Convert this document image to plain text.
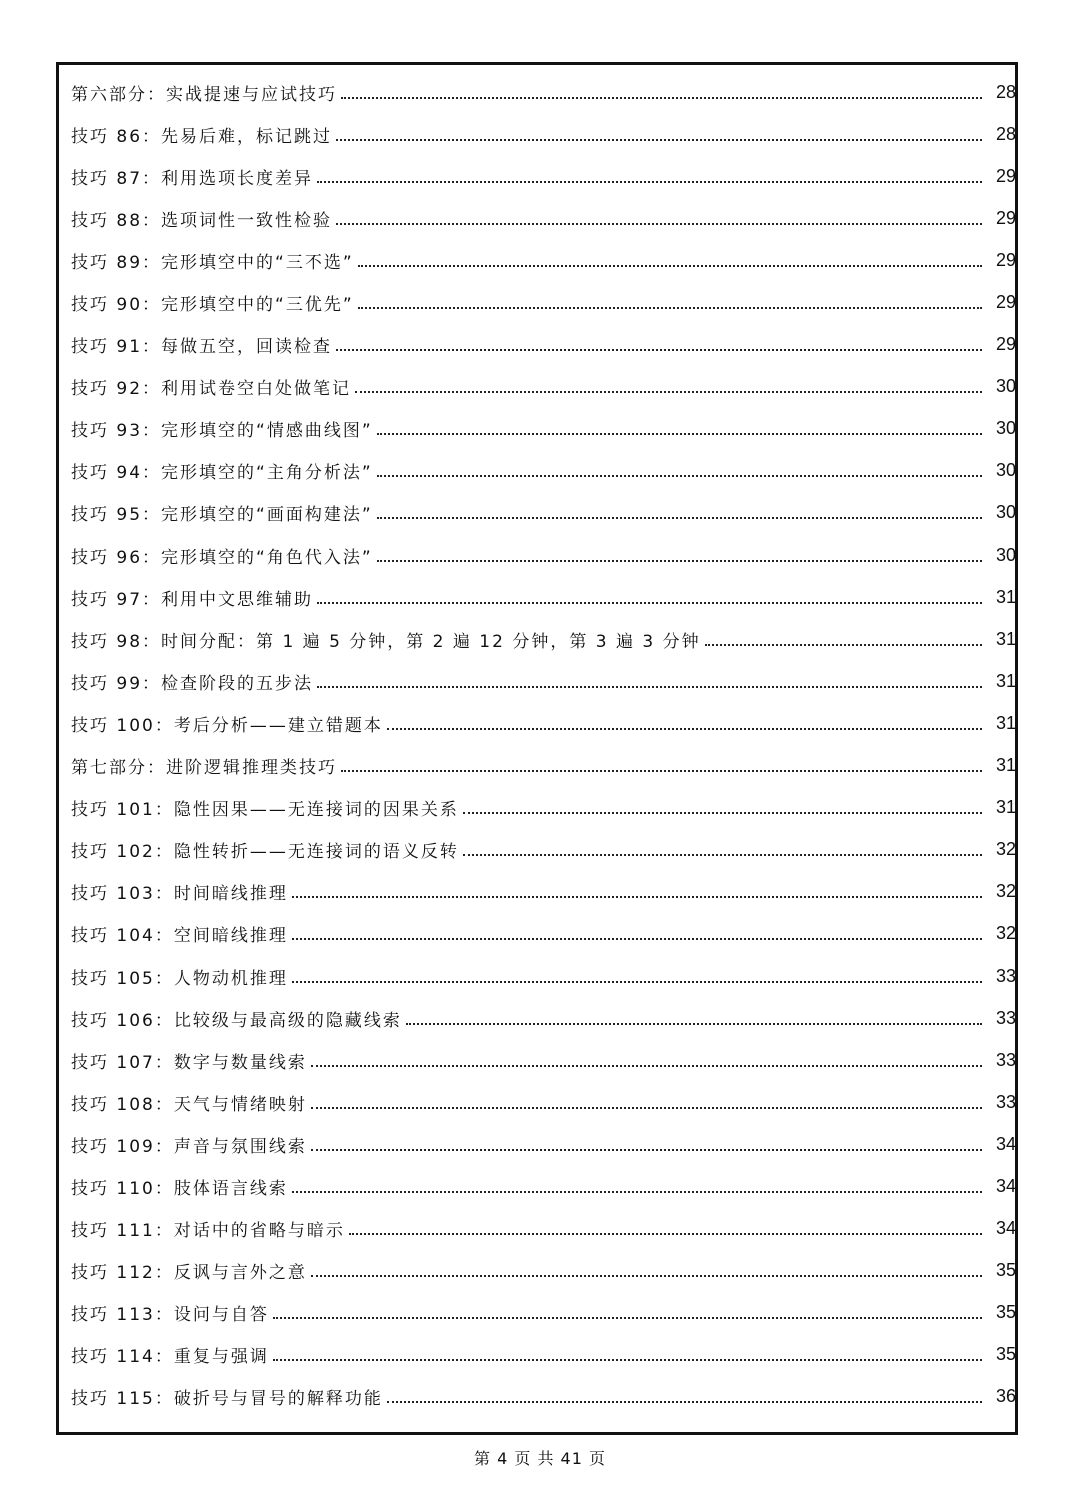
第六部分：实战提速与应试技巧	28
技巧 86：先易后难，标记跳过	28
技巧 87：利用选项长度差异	29
技巧 88：选项词性一致性检验	29
技巧 89：完形填空中的“三不选”	29
技巧 90：完形填空中的“三优先”	29
技巧 91：每做五空，回读检查	29
技巧 92：利用试卷空白处做笔记	30
技巧 93：完形填空的“情感曲线图”	30
技巧 94：完形填空的“主角分析法”	30
技巧 95：完形填空的“画面构建法”	30
技巧 96：完形填空的“角色代入法”	30
技巧 97：利用中文思维辅助	31
技巧 98：时间分配：第 1 遍 5 分钟，第 2 遍 12 分钟，第 3 遍 3 分钟	31
技巧 99：检查阶段的五步法	31
技巧 100：考后分析——建立错题本	31
第七部分：进阶逻辑推理类技巧	31
技巧 101：隐性因果——无连接词的因果关系	31
技巧 102：隐性转折——无连接词的语义反转	32
技巧 103：时间暗线推理	32
技巧 104：空间暗线推理	32
技巧 105：人物动机推理	33
技巧 106：比较级与最高级的隐藏线索	33
技巧 107：数字与数量线索	33
技巧 108：天气与情绪映射	33
技巧 109：声音与氛围线索	34
技巧 110：肢体语言线索	34
技巧 111：对话中的省略与暗示	34
技巧 112：反讽与言外之意	35
技巧 113：设问与自答	35
技巧 114：重复与强调	35
技巧 115：破折号与冒号的解释功能	36
第 4 页 共 41 页
